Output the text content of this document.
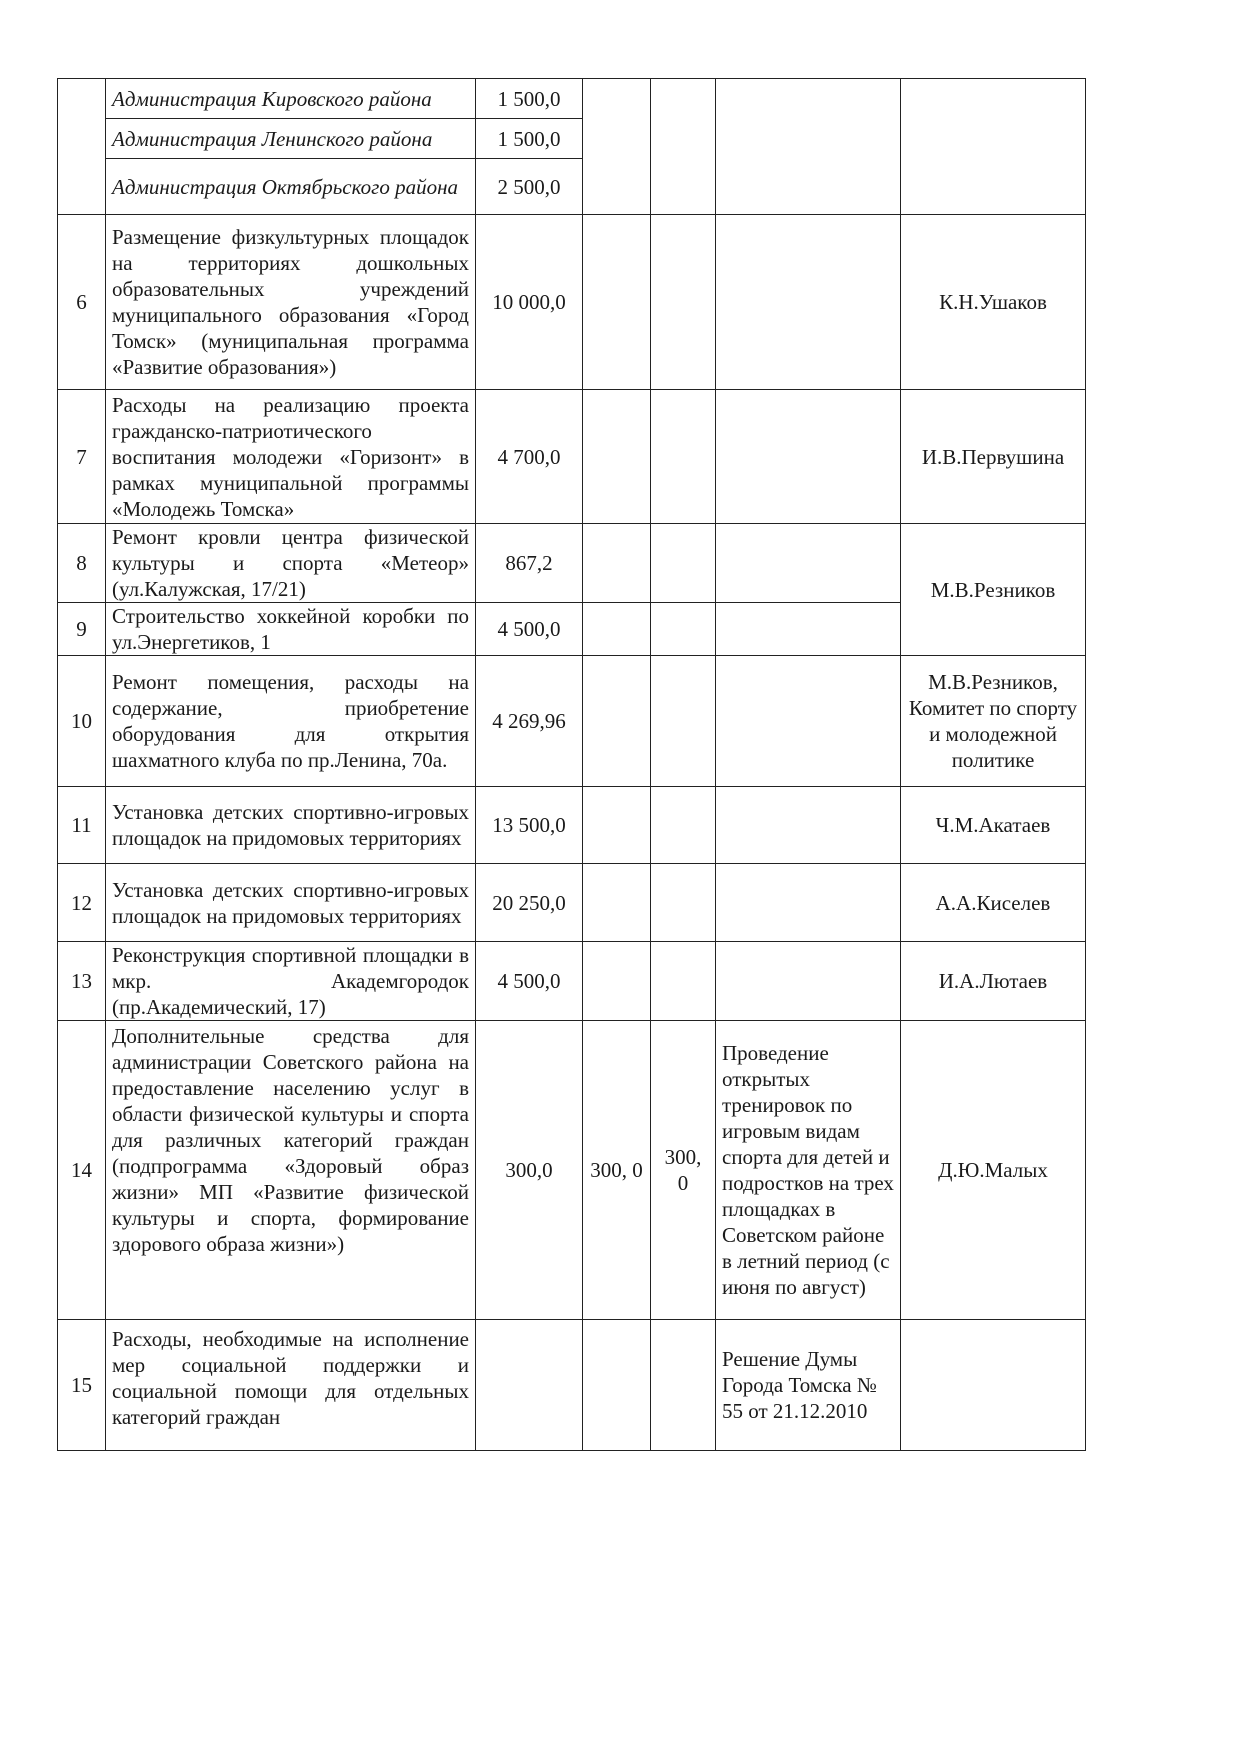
	Администрация Кировского района	1 500,0				
	Администрация Ленинского района	1 500,0				
	Администрация Октябрьского района	2 500,0				
6	Размещение физкультурных площадок на территориях дошкольных образовательных учреждений муниципального образования «Город Томск» (муниципальная программа «Развитие образования»)	10 000,0				К.Н.Ушаков
7	Расходы на реализацию проекта гражданско-патриотического воспитания молодежи «Горизонт» в рамках муниципальной программы «Молодежь Томска»	4 700,0				И.В.Первушина
8	Ремонт кровли центра физической культуры и спорта «Метеор» (ул.Калужская, 17/21)	867,2				М.В.Резников
9	Строительство хоккейной коробки по ул.Энергетиков, 1	4 500,0				
10	Ремонт помещения, расходы на содержание, приобретение оборудования для открытия шахматного клуба по пр.Ленина, 70а.	4 269,96				М.В.Резников, Комитет по спорту и молодежной политике
11	Установка детских спортивно-игровых площадок на придомовых территориях	13 500,0				Ч.М.Акатаев
12	Установка детских спортивно-игровых площадок на придомовых территориях	20 250,0				А.А.Киселев
13	Реконструкция спортивной площадки в мкр. Академгородок (пр.Академический, 17)	4 500,0				И.А.Лютаев
14	Дополнительные средства для администрации Советского района на предоставление населению услуг в области физической культуры и спорта для различных категорий граждан (подпрограмма «Здоровый образ жизни» МП «Развитие физической культуры и спорта, формирование здорового образа жизни»)	300,0	300, 0	300, 0	Проведение открытых тренировок по игровым видам спорта для детей и подростков на трех площадках в Советском районе в летний период (с июня по август)	Д.Ю.Малых
15	Расходы, необходимые на исполнение мер социальной поддержки и социальной помощи для отдельных категорий граждан				Решение Думы Города Томска № 55 от 21.12.2010	
